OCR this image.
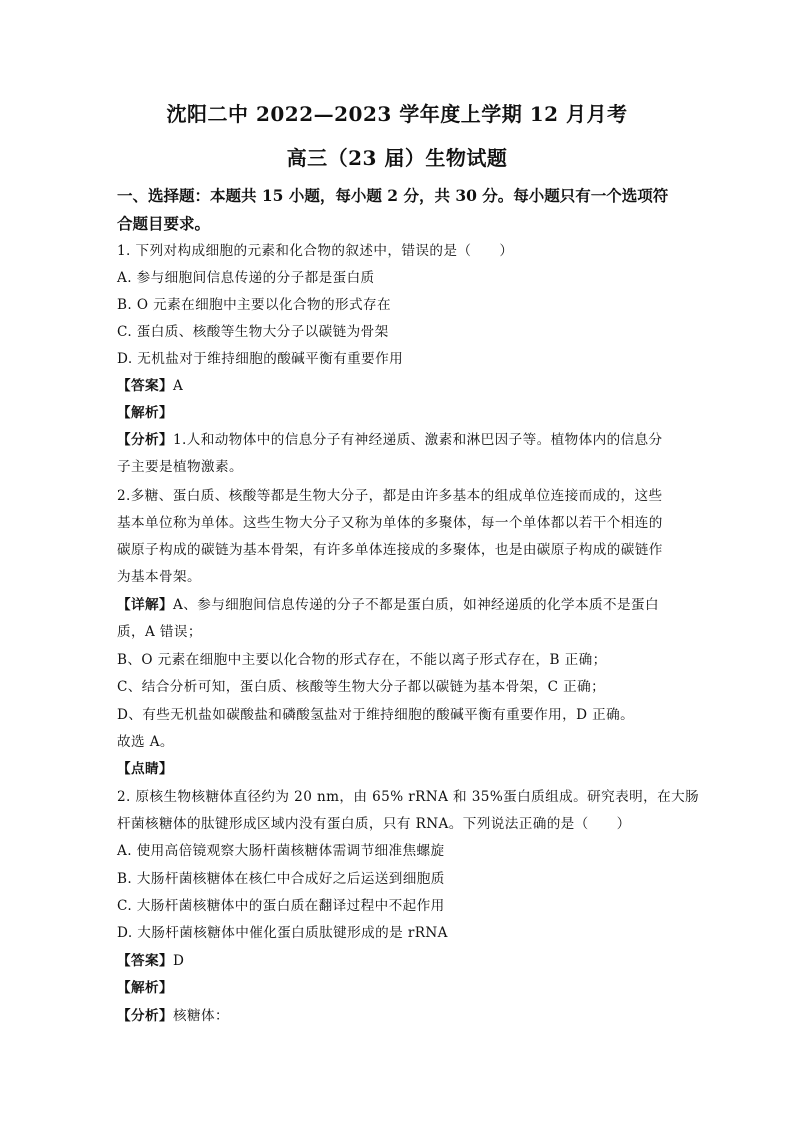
沈阳二中 2022—2023 学年度上学期 12 月月考
高三（23 届）生物试题
一、选择题：本题共 15 小题，每小题 2 分，共 30 分。每小题只有一个选项符
合题目要求。
1. 下列对构成细胞的元素和化合物的叙述中，错误的是（　　）
A. 参与细胞间信息传递的分子都是蛋白质
B. O 元素在细胞中主要以化合物的形式存在
C. 蛋白质、核酸等生物大分子以碳链为骨架
D. 无机盐对于维持细胞的酸碱平衡有重要作用
【答案】A
【解析】
【分析】1.人和动物体中的信息分子有神经递质、激素和淋巴因子等。植物体内的信息分
子主要是植物激素。
2.多糖、蛋白质、核酸等都是生物大分子，都是由许多基本的组成单位连接而成的，这些
基本单位称为单体。这些生物大分子又称为单体的多聚体，每一个单体都以若干个相连的
碳原子构成的碳链为基本骨架，有许多单体连接成的多聚体，也是由碳原子构成的碳链作
为基本骨架。
【详解】A、参与细胞间信息传递的分子不都是蛋白质，如神经递质的化学本质不是蛋白
质，A 错误；
B、O 元素在细胞中主要以化合物的形式存在，不能以离子形式存在，B 正确；
C、结合分析可知，蛋白质、核酸等生物大分子都以碳链为基本骨架，C 正确；
D、有些无机盐如碳酸盐和磷酸氢盐对于维持细胞的酸碱平衡有重要作用，D 正确。
故选 A。
【点睛】
2. 原核生物核糖体直径约为 20 nm，由 65% rRNA 和 35%蛋白质组成。研究表明，在大肠
杆菌核糖体的肽键形成区域内没有蛋白质，只有 RNA。下列说法正确的是（　　）
A. 使用高倍镜观察大肠杆菌核糖体需调节细准焦螺旋
B. 大肠杆菌核糖体在核仁中合成好之后运送到细胞质
C. 大肠杆菌核糖体中的蛋白质在翻译过程中不起作用
D. 大肠杆菌核糖体中催化蛋白质肽键形成的是 rRNA
【答案】D
【解析】
【分析】核糖体：
